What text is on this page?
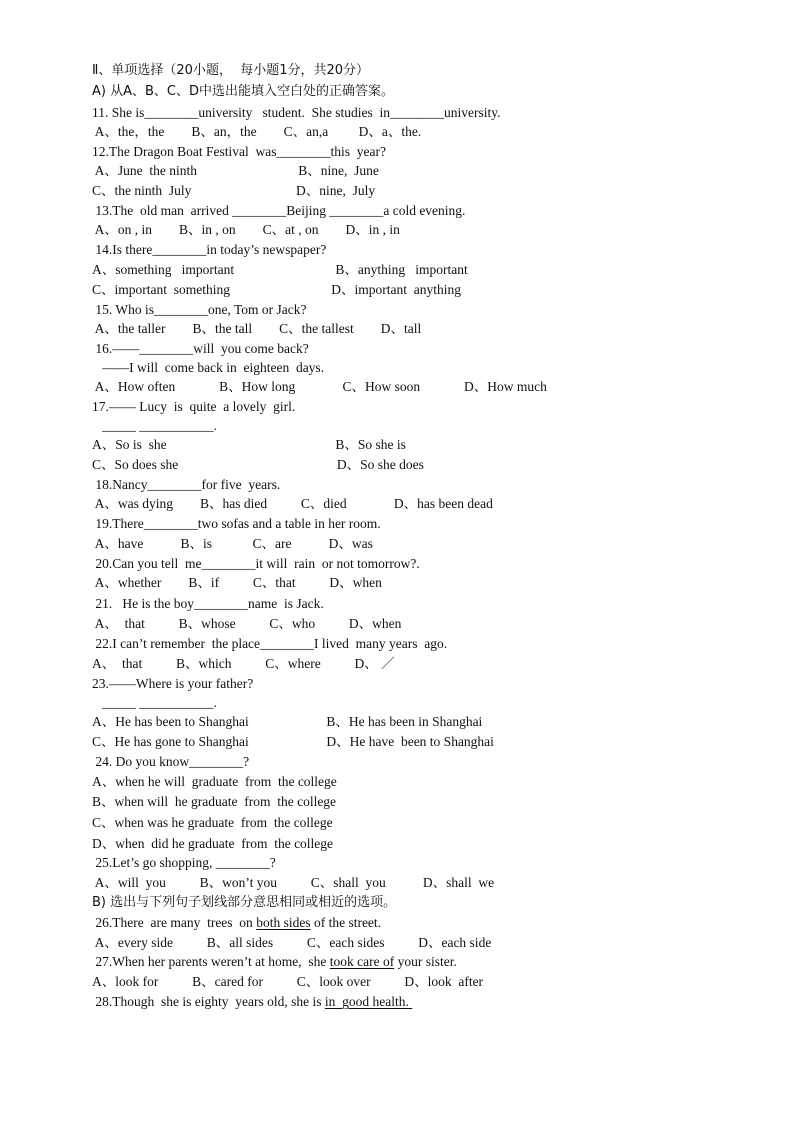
Ⅱ、单项选择（20小题，  每小题1分，共20分）
A) 从A、B、C、D中选出能填入空白处的正确答案。
11. She is________university   student.  She studies  in________university.
A、the，the        B、an，the        C、an,a         D、a、the.
12.The Dragon Boat Festival  was________this  year?
A、June  the ninth                              B、nine,  June
C、the ninth  July                               D、nine,  July
13.The  old man  arrived ________Beijing ________a cold evening.
A、on , in        B、in , on        C、at , on        D、in , in
14.Is there________in today’s newspaper?
A、something   important                              B、anything   important
C、important  something                              D、important  anything
15. Who is________one, Tom or Jack?
A、the taller        B、the tall        C、the tallest        D、tall
16.——________will  you come back?
——I will  come back in  eighteen  days.
A、How often             B、How long              C、How soon             D、How much
17.—— Lucy  is  quite  a lovely  girl.
_____ ___________.
A、So is  she                                                  B、So she is
C、So does she                                               D、So she does
18.Nancy________for five  years.
A、was dying        B、has died          C、died              D、has been dead
19.There________two sofas and a table in her room.
A、have           B、is            C、are           D、was
20.Can you tell  me________it will  rain  or not tomorrow?.
A、whether        B、if          C、that          D、when
21.   He is the boy________name  is Jack.
A、  that          B、whose          C、who          D、when
22.I can’t remember  the place________I lived  many years  ago.
A、  that          B、which          C、where          D、 ／
23.——Where is your father?
_____ ___________.
A、He has been to Shanghai                       B、He has been in Shanghai
C、He has gone to Shanghai                       D、He have  been to Shanghai
24. Do you know________?
A、when he will  graduate  from  the college
B、when will  he graduate  from  the college
C、when was he graduate  from  the college
D、when  did he graduate  from  the college
25.Let’s go shopping, ________?
A、will  you          B、won’t you          C、shall  you           D、shall  we
B) 选出与下列句子划线部分意思相同或相近的选项。
26.There  are many  trees  on both sides of the street.
A、every side          B、all sides          C、each sides          D、each side
27.When her parents weren’t at home,  she took care of your sister.
A、look for          B、cared for          C、look over          D、look  after
28.Though  she is eighty  years old, she is in  good health.
